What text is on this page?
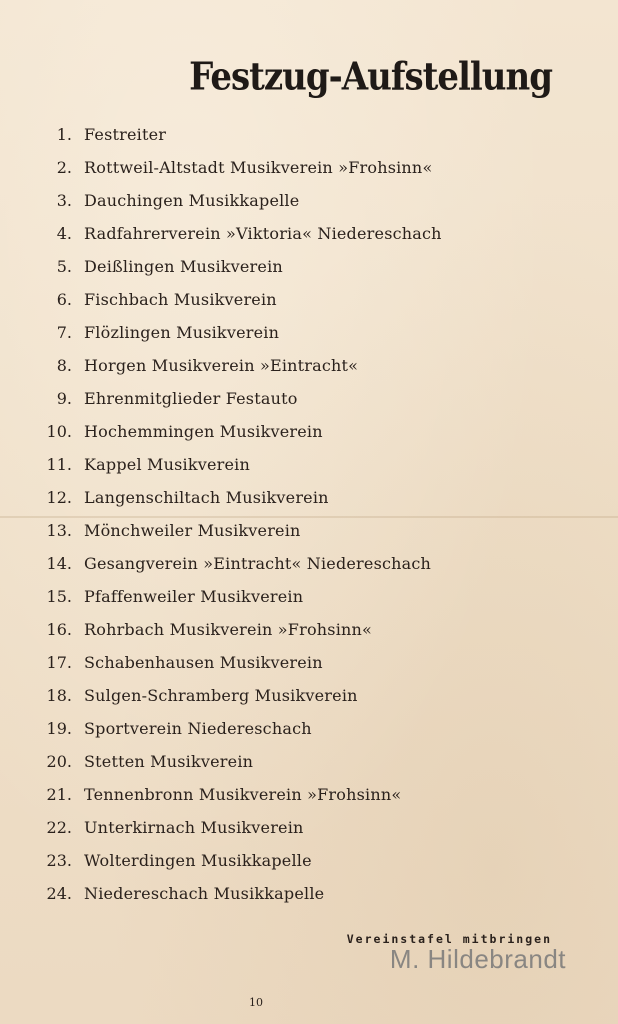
Festzug-Aufstellung
1. Festreiter
2. Rottweil-Altstadt Musikverein »Frohsinn«
3. Dauchingen Musikkapelle
4. Radfahrerverein »Viktoria« Niedereschach
5. Deißlingen Musikverein
6. Fischbach Musikverein
7. Flözlingen Musikverein
8. Horgen Musikverein »Eintracht«
9. Ehrenmitglieder Festauto
10. Hochemmingen Musikverein
11. Kappel Musikverein
12. Langenschiltach Musikverein
13. Mönchweiler Musikverein
14. Gesangverein »Eintracht« Niedereschach
15. Pfaffenweiler Musikverein
16. Rohrbach Musikverein »Frohsinn«
17. Schabenhausen Musikverein
18. Sulgen-Schramberg Musikverein
19. Sportverein Niedereschach
20. Stetten Musikverein
21. Tennenbronn Musikverein »Frohsinn«
22. Unterkirnach Musikverein
23. Wolterdingen Musikkapelle
24. Niedereschach Musikkapelle
Vereinstafel mitbringen
M. Hildebrandt
10
